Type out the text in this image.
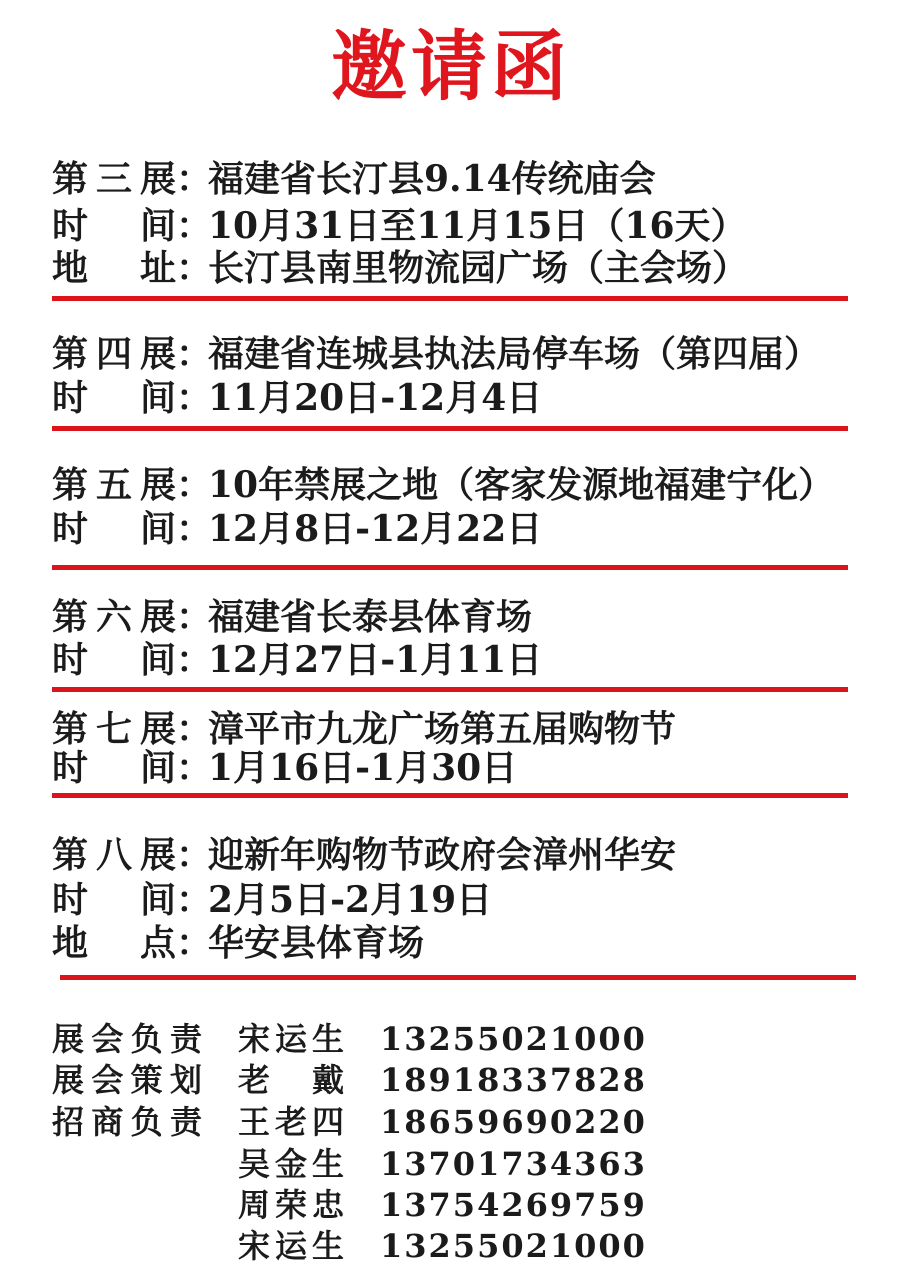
邀请函
第三展：福建省长汀县9.14传统庙会
时间：10月31日至11月15日（16天）
地址：长汀县南里物流园广场（主会场）
第四展：福建省连城县执法局停车场（第四届）
时间：11月20日-12月4日
第五展：10年禁展之地（客家发源地福建宁化）
时间：12月8日-12月22日
第六展：福建省长泰县体育场
时间：12月27日-1月11日
第七展：漳平市九龙广场第五届购物节
时间：1月16日-1月30日
第八展：迎新年购物节政府会漳州华安
时间：2月5日-2月19日
地点：华安县体育场
展会负责 宋运生 13255021000
展会策划 老戴 18918337828
招商负责 王老四 18659690220
吴金生 13701734363
周荣忠 13754269759
宋运生 13255021000
